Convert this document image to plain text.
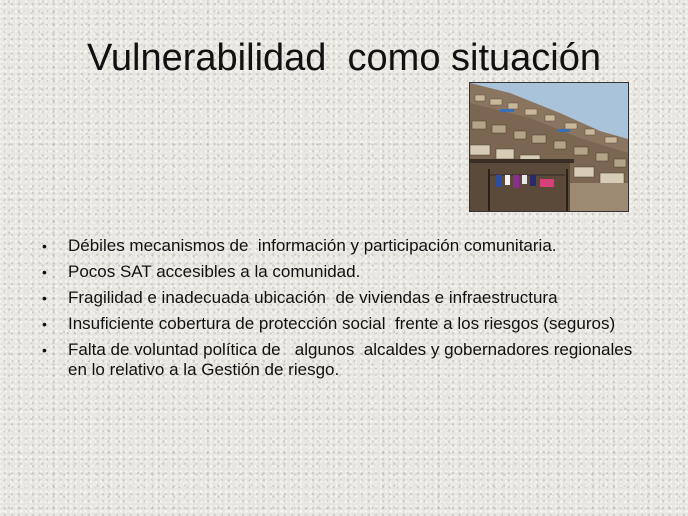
Vulnerabilidad  como situación
• Débiles mecanismos de  información y participación comunitaria.
• Pocos SAT accesibles a la comunidad.
• Fragilidad e inadecuada ubicación  de viviendas e infraestructura
• Insuficiente cobertura de protección social  frente a los riesgos (seguros)
• Falta de voluntad política de   algunos  alcaldes y gobernadores regionales   en lo relativo a la Gestión de riesgo.
